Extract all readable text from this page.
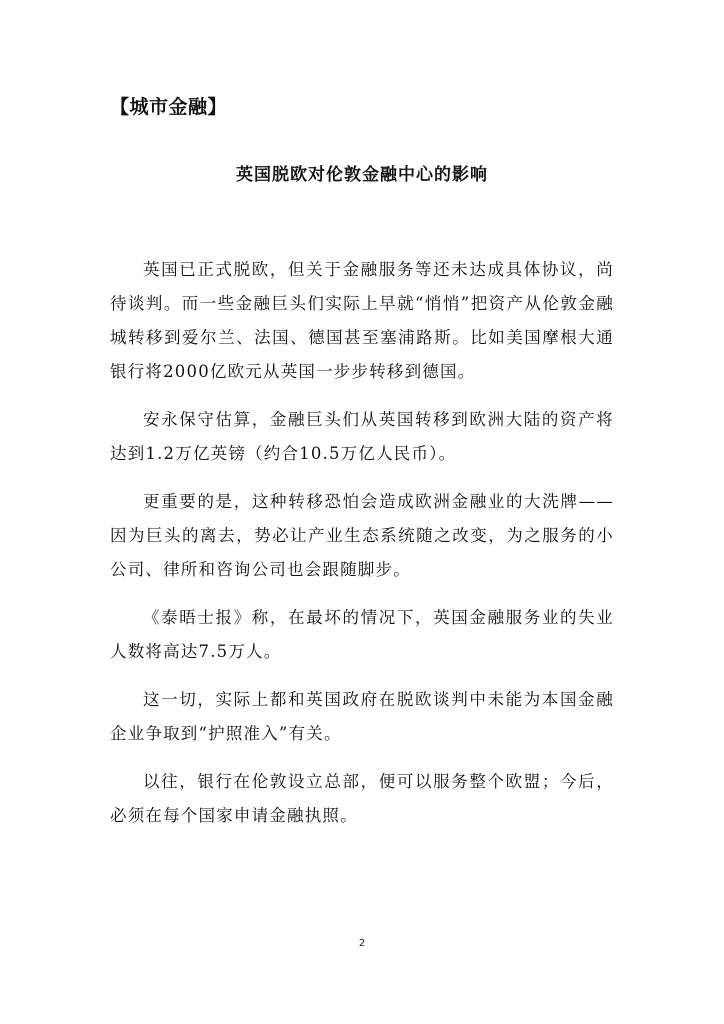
【城市金融】
英国脱欧对伦敦金融中心的影响

英国已正式脱欧，但关于金融服务等还未达成具体协议，尚待谈判。而一些金融巨头们实际上早就“悄悄”把资产从伦敦金融城转移到爱尔兰、法国、德国甚至塞浦路斯。比如美国摩根大通银行将2000亿欧元从英国一步步转移到德国。

安永保守估算，金融巨头们从英国转移到欧洲大陆的资产将达到1.2万亿英镑（约合10.5万亿人民币）。

更重要的是，这种转移恐怕会造成欧洲金融业的大洗牌——因为巨头的离去，势必让产业生态系统随之改变，为之服务的小公司、律所和咨询公司也会跟随脚步。

《泰晤士报》称，在最坏的情况下，英国金融服务业的失业人数将高达7.5万人。

这一切，实际上都和英国政府在脱欧谈判中未能为本国金融企业争取到“护照准入”有关。

以往，银行在伦敦设立总部，便可以服务整个欧盟；今后，必须在每个国家申请金融执照。

2
